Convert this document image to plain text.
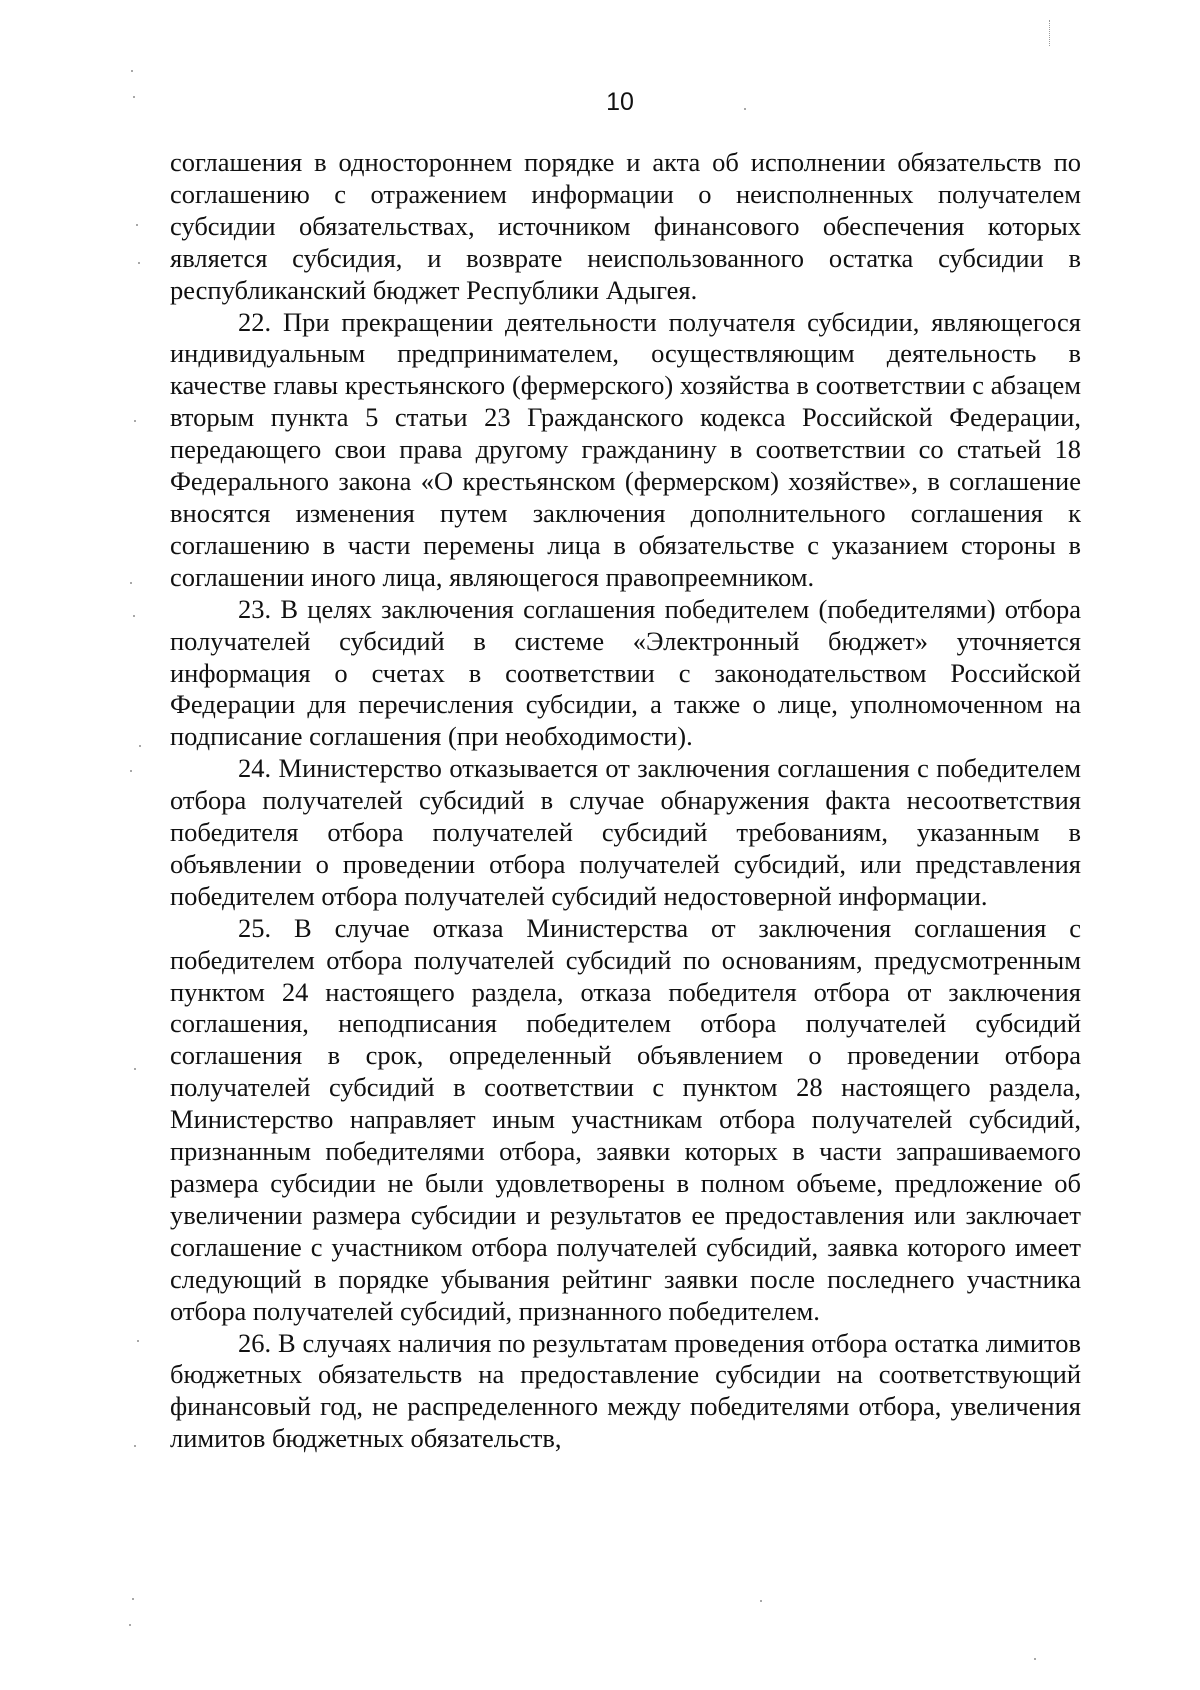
10

соглашения в одностороннем порядке и акта об исполнении обязательств по соглашению с отражением информации о неисполненных получателем субсидии обязательствах, источником финансового обеспечения которых является субсидия, и возврате неиспользованного остатка субсидии в республиканский бюджет Республики Адыгея.

22. При прекращении деятельности получателя субсидии, являющегося индивидуальным предпринимателем, осуществляющим деятельность в качестве главы крестьянского (фермерского) хозяйства в соответствии с абзацем вторым пункта 5 статьи 23 Гражданского кодекса Российской Федерации, передающего свои права другому гражданину в соответствии со статьей 18 Федерального закона «О крестьянском (фермерском) хозяйстве», в соглашение вносятся изменения путем заключения дополнительного соглашения к соглашению в части перемены лица в обязательстве с указанием стороны в соглашении иного лица, являющегося правопреемником.

23. В целях заключения соглашения победителем (победителями) отбора получателей субсидий в системе «Электронный бюджет» уточняется информация о счетах в соответствии с законодательством Российской Федерации для перечисления субсидии, а также о лице, уполномоченном на подписание соглашения (при необходимости).

24. Министерство отказывается от заключения соглашения с победителем отбора получателей субсидий в случае обнаружения факта несоответствия победителя отбора получателей субсидий требованиям, указанным в объявлении о проведении отбора получателей субсидий, или представления победителем отбора получателей субсидий недостоверной информации.

25. В случае отказа Министерства от заключения соглашения с победителем отбора получателей субсидий по основаниям, предусмотренным пунктом 24 настоящего раздела, отказа победителя отбора от заключения соглашения, неподписания победителем отбора получателей субсидий соглашения в срок, определенный объявлением о проведении отбора получателей субсидий в соответствии с пунктом 28 настоящего раздела, Министерство направляет иным участникам отбора получателей субсидий, признанным победителями отбора, заявки которых в части запрашиваемого размера субсидии не были удовлетворены в полном объеме, предложение об увеличении размера субсидии и результатов ее предоставления или заключает соглашение с участником отбора получателей субсидий, заявка которого имеет следующий в порядке убывания рейтинг заявки после последнего участника отбора получателей субсидий, признанного победителем.

26. В случаях наличия по результатам проведения отбора остатка лимитов бюджетных обязательств на предоставление субсидии на соответствующий финансовый год, не распределенного между победителями отбора, увеличения лимитов бюджетных обязательств,
